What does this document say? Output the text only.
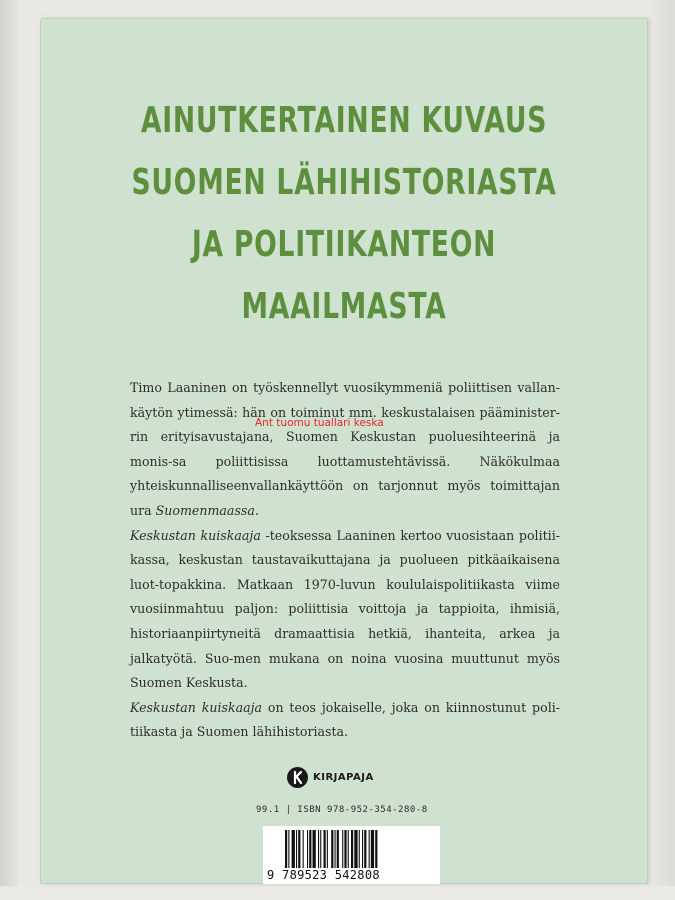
AINUTKERTAINEN KUVAUS
SUOMEN LÄHIHISTORIASTA
JA POLITIIKANTEON
MAAILMASTA

Timo Laaninen on työskennellyt vuosikymmeniä poliittisen vallan-käytön ytimessä: hän on toiminut mm. keskustalaisen pääminister-rin erityisavustajana, Suomen Keskustan puoluesihteerinä ja monis-sa poliittisissa luottamustehtävissä. Näkökulmaa yhteiskunnalliseenvallankäyttöön on tarjonnut myös toimittajan ura Suomenmaassa.

Keskustan kuiskaaja -teoksessa Laaninen kertoo vuosistaan politii-kassa, keskustan taustavaikuttajana ja puolueen pitkäaikaisena luot-topakkina. Matkaan 1970-luvun koululaispolitiikasta viime vuosiinmahtuu paljon: poliittisia voittoja ja tappioita, ihmisiä, historiaanpiirtyneitä dramaattisia hetkiä, ihanteita, arkea ja jalkatyötä. Suo-men mukana on noina vuosina muuttunut myös Suomen Keskusta.

Keskustan kuiskaaja on teos jokaiselle, joka on kiinnostunut poli-tiikasta ja Suomen lähihistoriasta.

Ant tuomu tuallari keska
KIRJAPAJA
99.1 | ISBN 978-952-354-280-8
9 789523 542808
